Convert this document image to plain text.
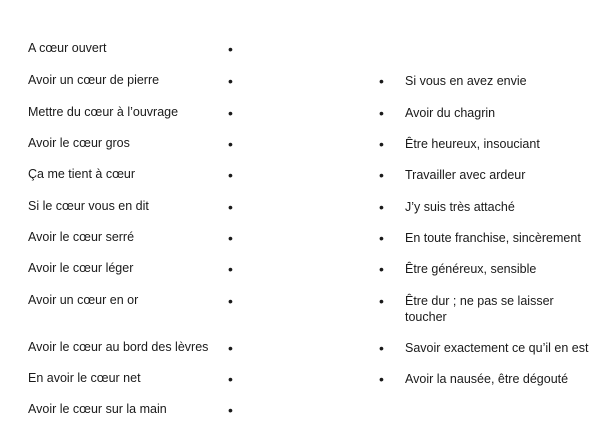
A cœur ouvert	•
Avoir un cœur de pierre	•	• Si vous en avez envie
Mettre du cœur à l’ouvrage	•	• Avoir du chagrin
Avoir le cœur gros	•	• Être heureux, insouciant
Ça me tient à cœur	•	• Travailler avec ardeur
Si le cœur vous en dit	•	• J’y suis très attaché
Avoir le cœur serré	•	• En toute franchise, sincèrement
Avoir le cœur léger	•	• Être généreux, sensible
Avoir un cœur en or	•	• Être dur ; ne pas se laisser toucher
Avoir le cœur au bord des lèvres •	• Savoir exactement ce qu’il en est
En avoir le cœur net	•	• Avoir la nausée, être dégouté
Avoir le cœur sur la main	•
